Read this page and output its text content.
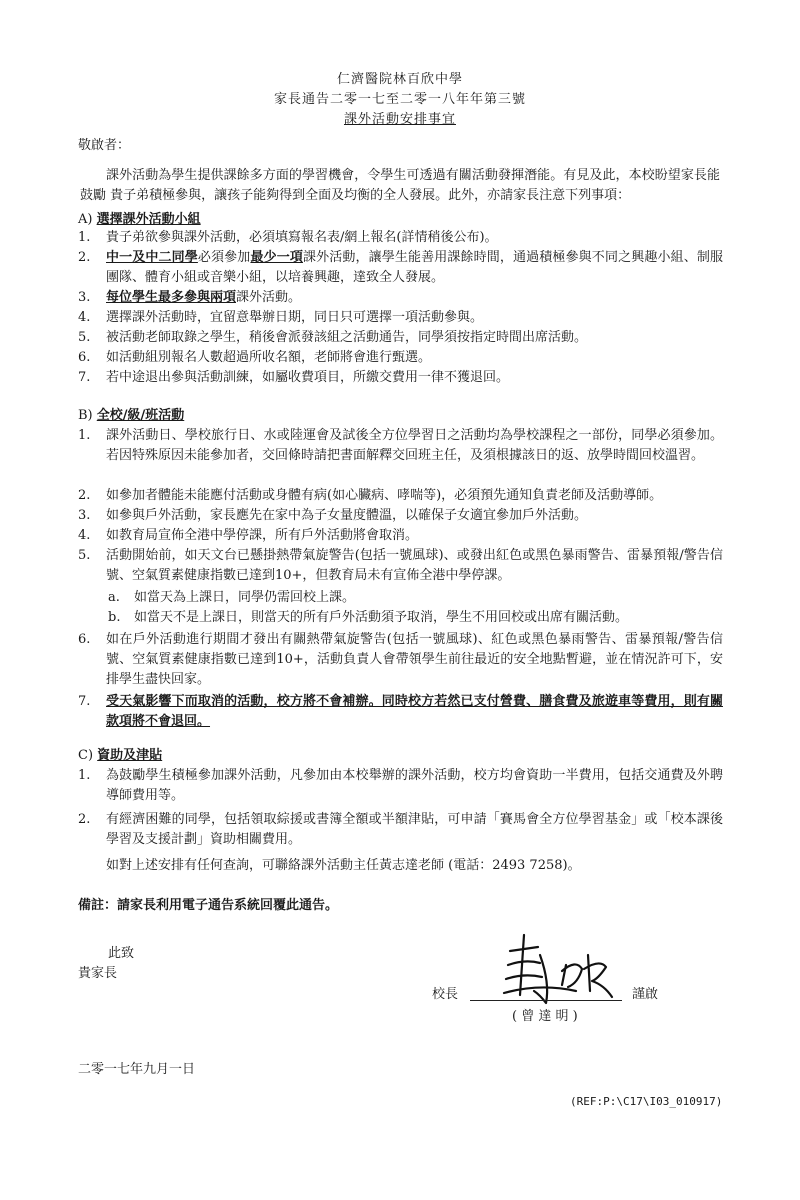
仁濟醫院林百欣中學
家長通告二零一七至二零一八年年第三號
課外活動安排事宜
敬啟者：
課外活動為學生提供課餘多方面的學習機會，令學生可透過有關活動發揮潛能。有見及此，本校盼望家長能鼓勵 貴子弟積極參與，讓孩子能夠得到全面及均衡的全人發展。此外，亦請家長注意下列事項：
A) 選擇課外活動小組
1.	貴子弟欲參與課外活動，必須填寫報名表/網上報名(詳情稍後公布)。
2.	中一及中二同學必須參加最少一項課外活動，讓學生能善用課餘時間，通過積極參與不同之興趣小組、制服團隊、體育小組或音樂小組，以培養興趣，達致全人發展。
3.	每位學生最多參與兩項課外活動。
4.	選擇課外活動時，宜留意舉辦日期，同日只可選擇一項活動參與。
5.	被活動老師取錄之學生，稍後會派發該組之活動通告，同學須按指定時間出席活動。
6.	如活動組別報名人數超過所收名額，老師將會進行甄選。
7.	若中途退出參與活動訓練，如屬收費項目，所繳交費用一律不獲退回。
B) 全校/級/班活動
1.	課外活動日、學校旅行日、水或陸運會及試後全方位學習日之活動均為學校課程之一部份，同學必須參加。若因特殊原因未能參加者，交回條時請把書面解釋交回班主任，及須根據該日的返、放學時間回校溫習。
2.	如參加者體能未能應付活動或身體有病(如心臟病、哮喘等)，必須預先通知負責老師及活動導師。
3.	如參與戶外活動，家長應先在家中為子女量度體溫，以確保子女適宜參加戶外活動。
4.	如教育局宣佈全港中學停課，所有戶外活動將會取消。
5.	活動開始前，如天文台已懸掛熱帶氣旋警告(包括一號風球)、或發出紅色或黑色暴雨警告、雷暴預報/警告信號、空氣質素健康指數已達到10+，但教育局未有宣佈全港中學停課。
a.	如當天為上課日，同學仍需回校上課。
b.	如當天不是上課日，則當天的所有戶外活動須予取消，學生不用回校或出席有關活動。
6.	如在戶外活動進行期間才發出有關熱帶氣旋警告(包括一號風球)、紅色或黑色暴雨警告、雷暴預報/警告信號、空氣質素健康指數已達到10+，活動負責人會帶領學生前往最近的安全地點暫避，並在情況許可下，安排學生盡快回家。
7.	受天氣影響下而取消的活動，校方將不會補辦。同時校方若然已支付營費、膳食費及旅遊車等費用，則有關款項將不會退回。
C) 資助及津貼
1.	為鼓勵學生積極參加課外活動，凡參加由本校舉辦的課外活動，校方均會資助一半費用，包括交通費及外聘導師費用等。
2.	有經濟困難的同學，包括領取綜援或書簿全額或半額津貼，可申請「賽馬會全方位學習基金」或「校本課後學習及支援計劃」資助相關費用。
如對上述安排有任何查詢，可聯絡課外活動主任黃志達老師 (電話：2493 7258)。
備註：請家長利用電子通告系統回覆此通告。
此致
貴家長
校長	謹啟
( 曾 達 明 )
二零一七年九月一日
(REF:P:\C17\I03_010917)
